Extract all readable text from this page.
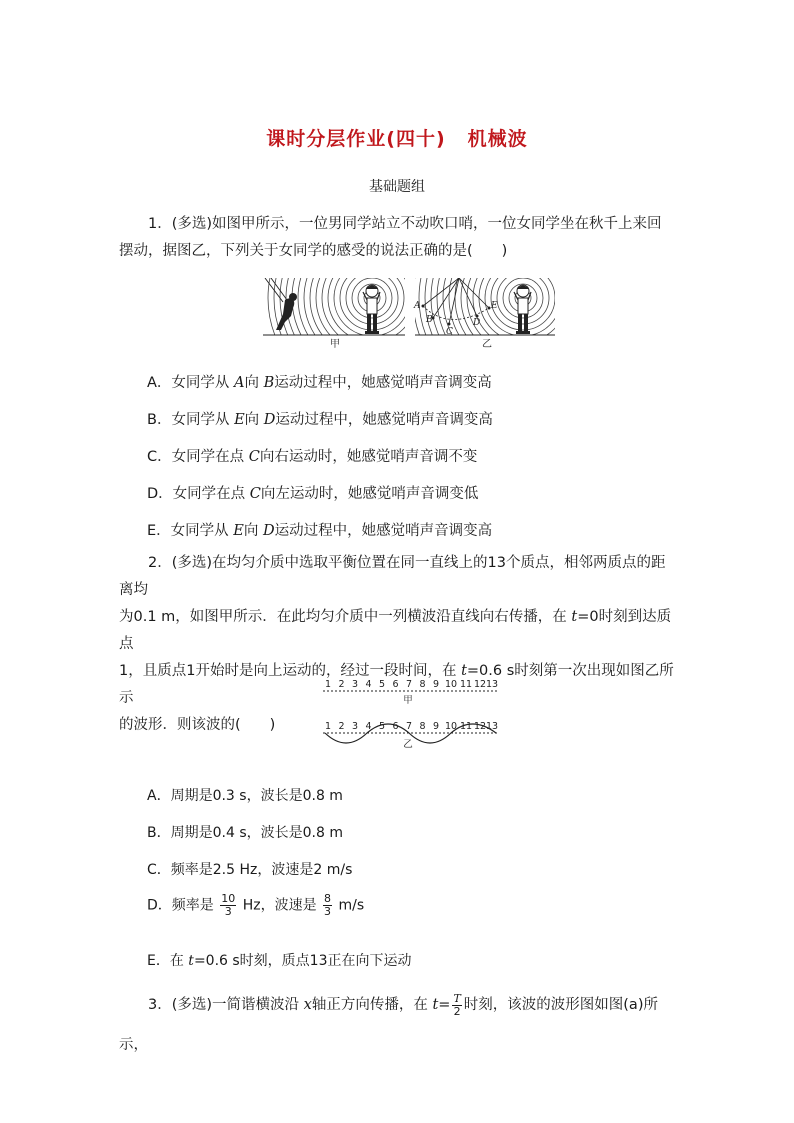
课时分层作业(四十) 机械波
基础题组
1．(多选)如图甲所示，一位男同学站立不动吹口哨，一位女同学坐在秋千上来回摆动，据图乙，下列关于女同学的感受的说法正确的是(　　)
A
B
C
E
D
甲	乙
A．女同学从 A向 B运动过程中，她感觉哨声音调变高
B．女同学从 E向 D运动过程中，她感觉哨声音调变高
C．女同学在点 C向右运动时，她感觉哨声音调不变
D．女同学在点 C向左运动时，她感觉哨声音调变低
E．女同学从 E向 D运动过程中，她感觉哨声音调变高
2．(多选)在均匀介质中选取平衡位置在同一直线上的13个质点，相邻两质点的距离均
为0.1 m，如图甲所示．在此均匀介质中一列横波沿直线向右传播，在 t=0时刻到达质点
1，且质点1开始时是向上运动的，经过一段时间，在 t=0.6 s时刻第一次出现如图乙所示
的波形．则该波的(　　)
1 2 3 4 5 6 7 8 9 10 11 12 13
甲
1 2 3 4 5 6 7 8 9 10 11 12 13
乙
A．周期是0.3 s，波长是0.8 m
B．周期是0.4 s，波长是0.8 m
C．频率是2.5 Hz，波速是2 m/s
D．频率是 $\frac{10}{3}$ Hz，波速是 $\frac{8}{3} m/s$
E．在 t=0.6 s时刻，质点13正在向下运动
3．(多选)一简谐横波沿 x轴正方向传播，在 $t= \frac{T}{2}$ 时刻，该波的波形图如图(a)所示，
